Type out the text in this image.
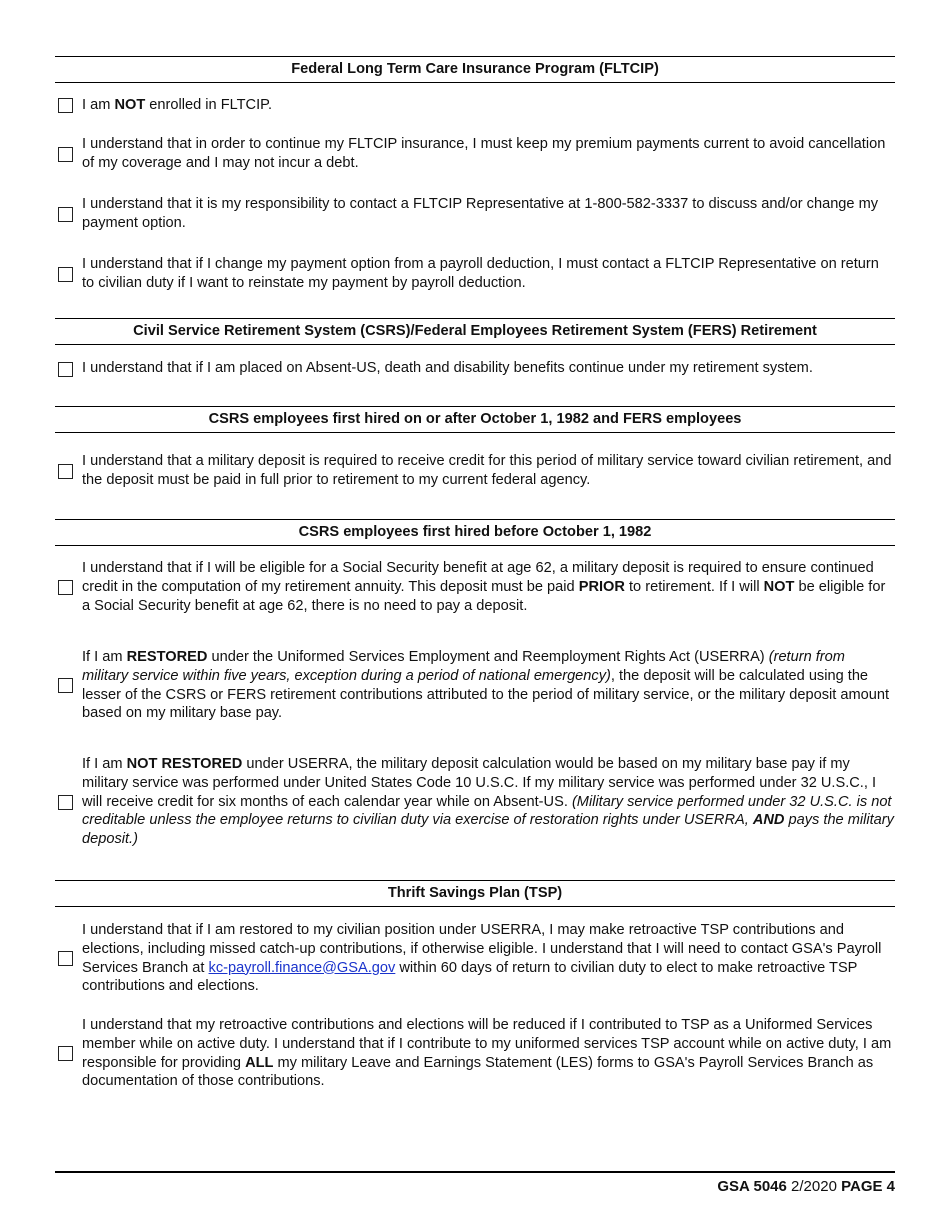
Federal Long Term Care Insurance Program (FLTCIP)
I am NOT enrolled in FLTCIP.
I understand that in order to continue my FLTCIP insurance, I must keep my premium payments current to avoid cancellation of my coverage and I may not incur a debt.
I understand that it is my responsibility to contact a FLTCIP Representative at 1-800-582-3337 to discuss and/or change my payment option.
I understand that if I change my payment option from a payroll deduction, I must contact a FLTCIP Representative on return to civilian duty if I want to reinstate my payment by payroll deduction.
Civil Service Retirement System (CSRS)/Federal Employees Retirement System (FERS) Retirement
I understand that if I am placed on Absent-US, death and disability benefits continue under my retirement system.
CSRS employees first hired on or after October 1, 1982 and FERS employees
I understand that a military deposit is required to receive credit for this period of military service toward civilian retirement, and the deposit must be paid in full prior to retirement to my current federal agency.
CSRS employees first hired before October 1, 1982
I understand that if I will be eligible for a Social Security benefit at age 62, a military deposit is required to ensure continued credit in the computation of my retirement annuity. This deposit must be paid PRIOR to retirement. If I will NOT be eligible for a Social Security benefit at age 62, there is no need to pay a deposit.
If I am RESTORED under the Uniformed Services Employment and Reemployment Rights Act (USERRA) (return from military service within five years, exception during a period of national emergency), the deposit will be calculated using the lesser of the CSRS or FERS retirement contributions attributed to the period of military service, or the military deposit amount based on my military base pay.
If I am NOT RESTORED under USERRA, the military deposit calculation would be based on my military base pay if my military service was performed under United States Code 10 U.S.C. If my military service was performed under 32 U.S.C., I will receive credit for six months of each calendar year while on Absent-US. (Military service performed under 32 U.S.C. is not creditable unless the employee returns to civilian duty via exercise of restoration rights under USERRA, AND pays the military deposit.)
Thrift Savings Plan (TSP)
I understand that if I am restored to my civilian position under USERRA, I may make retroactive TSP contributions and elections, including missed catch-up contributions, if otherwise eligible. I understand that I will need to contact GSA's Payroll Services Branch at kc-payroll.finance@GSA.gov within 60 days of return to civilian duty to elect to make retroactive TSP contributions and elections.
I understand that my retroactive contributions and elections will be reduced if I contributed to TSP as a Uniformed Services member while on active duty. I understand that if I contribute to my uniformed services TSP account while on active duty, I am responsible for providing ALL my military Leave and Earnings Statement (LES) forms to GSA's Payroll Services Branch as documentation of those contributions.
GSA 5046 2/2020 PAGE 4
